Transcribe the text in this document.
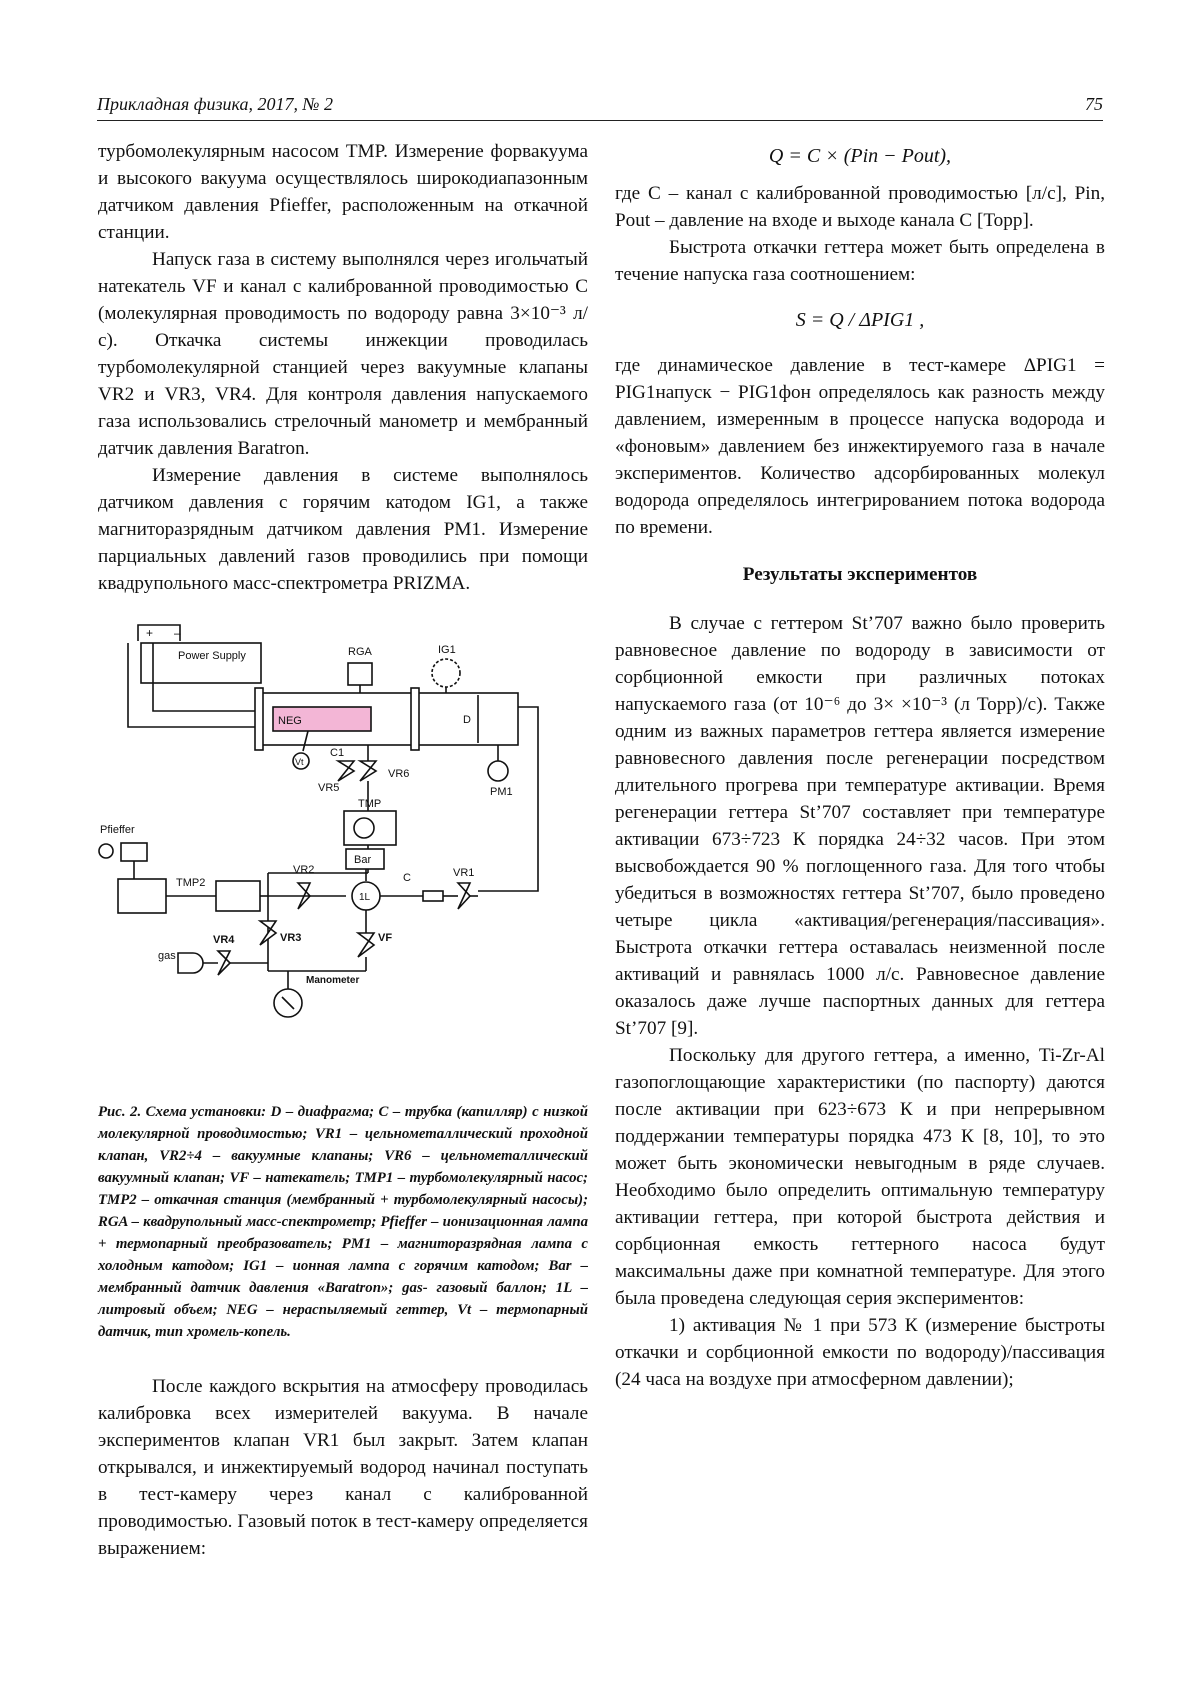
Прикладная физика, 2017, № 2	75

турбомолекулярным насосом TMP. Измерение форвакуума и высокого вакуума осуществлялось широкодиапазонным датчиком давления Pfieffer, расположенным на откачной станции.

Напуск газа в систему выполнялся через игольчатый натекатель VF и канал с калиброванной проводимостью C (молекулярная проводимость по водороду равна 3×10⁻³ л/с). Откачка системы инжекции проводилась турбомолекулярной станцией через вакуумные клапаны VR2 и VR3, VR4. Для контроля давления напускаемого газа использовались стрелочный манометр и мембранный датчик давления Baratron.

Измерение давления в системе выполнялось датчиком давления с горячим катодом IG1, а также магниторазрядным датчиком давления PM1. Измерение парциальных давлений газов проводились при помощи квадрупольного масс-спектрометра PRIZMA.

Power Supply
+ –
NEG	D
RGA	IG1
Vt
C1
VR5
VR6
PM1
TMP
Pfieffer
TMP2
Bar
VR2
1L
C	VR1
VR3
VR4
gas
VF
Manometer

Рис. 2. Схема установки: D – диафрагма; C – трубка (капилляр) с низкой молекулярной проводимостью; VR1 – цельнометаллический проходной клапан, VR2÷4 – вакуумные клапаны; VR6 – цельнометаллический вакуумный клапан; VF – натекатель; TMP1 – турбомолекулярный насос; TMP2 – откачная станция (мембранный + турбомолекулярный насосы); RGA – квадрупольный масс-спектрометр; Pfieffer – ионизационная лампа + термопарный преобразователь; PM1 – магниторазрядная лампа с холодным катодом; IG1 – ионная лампа с горячим катодом; Bar – мембранный датчик давления «Baratron»; gas- газовый баллон; 1L –литровый объем; NEG – нераспыляемый геттер, Vt – термопарный датчик, тип хромель-копель.

После каждого вскрытия на атмосферу проводилась калибровка всех измерителей вакуума. В начале экспериментов клапан VR1 был закрыт. Затем клапан открывался, и инжектируемый водород начинал поступать в тест-камеру через канал с калиброванной проводимостью. Газовый поток в тест-камеру определяется выражением:

Q = C × (Pin − Pout),

где C – канал с калиброванной проводимостью [л/с], Pin, Pout – давление на входе и выходе канала C [Торр].

Быстрота откачки геттера может быть определена в течение напуска газа соотношением:

S = Q / ΔPIG1 ,

где динамическое давление в тест-камере ΔPIG1 = PIG1напуск − PIG1фон определялось как разность между давлением, измеренным в процессе напуска водорода и «фоновым» давлением без инжектируемого газа в начале экспериментов. Количество адсорбированных молекул водорода определялось интегрированием потока водорода по времени.

Результаты экспериментов

В случае с геттером St’707 важно было проверить равновесное давление по водороду в зависимости от сорбционной емкости при различных потоках напускаемого газа (от 10⁻⁶ до 3× ×10⁻³ (л Торр)/с). Также одним из важных параметров геттера является измерение равновесного давления после регенерации посредством длительного прогрева при температуре активации. Время регенерации геттера St’707 составляет при температуре активации 673÷723 К порядка 24÷32 часов. При этом высвобождается 90 % поглощенного газа. Для того чтобы убедиться в возможностях геттера St’707, было проведено четыре цикла «активация/регенерация/пассивация». Быстрота откачки геттера оставалась неизменной после активаций и равнялась 1000 л/с. Равновесное давление оказалось даже лучше паспортных данных для геттера St’707 [9].

Поскольку для другого геттера, а именно, Ti-Zr-Al газопоглощающие характеристики (по паспорту) даются после активации при 623÷673 К и при непрерывном поддержании температуры порядка 473 К [8, 10], то это может быть экономически невыгодным в ряде случаев. Необходимо было определить оптимальную температуру активации геттера, при которой быстрота действия и сорбционная емкость геттерного насоса будут максимальны даже при комнатной температуре. Для этого была проведена следующая серия экспериментов:

1) активация № 1 при 573 К (измерение быстроты откачки и сорбционной емкости по водороду)/пассивация (24 часа на воздухе при атмосферном давлении);
